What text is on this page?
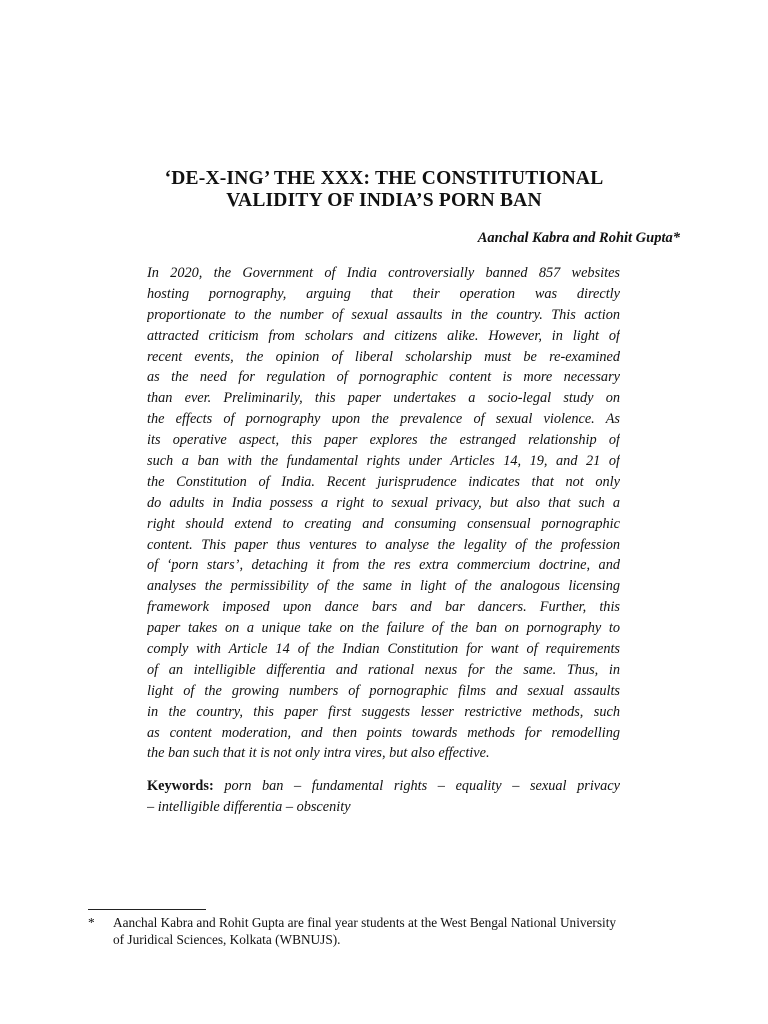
‘DE-X-ING’ THE XXX: THE CONSTITUTIONAL
VALIDITY OF INDIA’S PORN BAN
Aanchal Kabra and Rohit Gupta*
In 2020, the Government of India controversially banned 857 websites
hosting pornography, arguing that their operation was directly
proportionate to the number of sexual assaults in the country. This action
attracted criticism from scholars and citizens alike. However, in light of
recent events, the opinion of liberal scholarship must be re-examined
as the need for regulation of pornographic content is more necessary
than ever. Preliminarily, this paper undertakes a socio-legal study on
the effects of pornography upon the prevalence of sexual violence. As
its operative aspect, this paper explores the estranged relationship of
such a ban with the fundamental rights under Articles 14, 19, and 21 of
the Constitution of India. Recent jurisprudence indicates that not only
do adults in India possess a right to sexual privacy, but also that such a
right should extend to creating and consuming consensual pornographic
content. This paper thus ventures to analyse the legality of the profession
of ‘porn stars’, detaching it from the res extra commercium doctrine, and
analyses the permissibility of the same in light of the analogous licensing
framework imposed upon dance bars and bar dancers. Further, this
paper takes on a unique take on the failure of the ban on pornography to
comply with Article 14 of the Indian Constitution for want of requirements
of an intelligible differentia and rational nexus for the same. Thus, in
light of the growing numbers of pornographic films and sexual assaults
in the country, this paper first suggests lesser restrictive methods, such
as content moderation, and then points towards methods for remodelling
the ban such that it is not only intra vires, but also effective.
Keywords: porn ban – fundamental rights – equality – sexual privacy
– intelligible differentia – obscenity
* Aanchal Kabra and Rohit Gupta are final year students at the West Bengal National University
of Juridical Sciences, Kolkata (WBNUJS).
